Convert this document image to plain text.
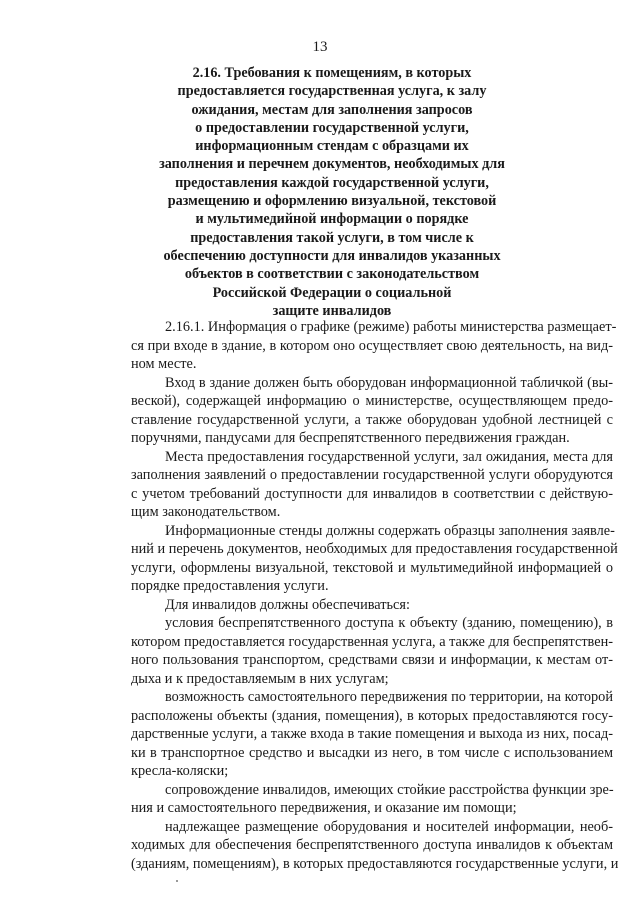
13
2.16. Требования к помещениям, в которых
предоставляется государственная услуга, к залу
ожидания, местам для заполнения запросов
о предоставлении государственной услуги,
информационным стендам с образцами их
заполнения и перечнем документов, необходимых для
предоставления каждой государственной услуги,
размещению и оформлению визуальной, текстовой
и мультимедийной информации о порядке
предоставления такой услуги, в том числе к
обеспечению доступности для инвалидов указанных
объектов в соответствии с законодательством
Российской Федерации о социальной
защите инвалидов
2.16.1. Информация о графике (режиме) работы министерства размещает-
ся при входе в здание, в котором оно осуществляет свою деятельность, на вид-
ном месте.
Вход в здание должен быть оборудован информационной табличкой (вы-
веской), содержащей информацию о министерстве, осуществляющем предо-
ставление государственной услуги, а также оборудован удобной лестницей с
поручнями, пандусами для беспрепятственного передвижения граждан.
Места предоставления государственной услуги, зал ожидания, места для
заполнения заявлений о предоставлении государственной услуги оборудуются
с учетом требований доступности для инвалидов в соответствии с действую-
щим законодательством.
Информационные стенды должны содержать образцы заполнения заявле-
ний и перечень документов, необходимых для предоставления государственной
услуги, оформлены визуальной, текстовой и мультимедийной информацией о
порядке предоставления услуги.
Для инвалидов должны обеспечиваться:
условия беспрепятственного доступа к объекту (зданию, помещению), в
котором предоставляется государственная услуга, а также для беспрепятствен-
ного пользования транспортом, средствами связи и информации, к местам от-
дыха и к предоставляемым в них услугам;
возможность самостоятельного передвижения по территории, на которой
расположены объекты (здания, помещения), в которых предоставляются госу-
дарственные услуги, а также входа в такие помещения и выхода из них, посад-
ки в транспортное средство и высадки из него, в том числе с использованием
кресла-коляски;
сопровождение инвалидов, имеющих стойкие расстройства функции зре-
ния и самостоятельного передвижения, и оказание им помощи;
надлежащее размещение оборудования и носителей информации, необ-
ходимых для обеспечения беспрепятственного доступа инвалидов к объектам
(зданиям, помещениям), в которых предоставляются государственные услуги, и
